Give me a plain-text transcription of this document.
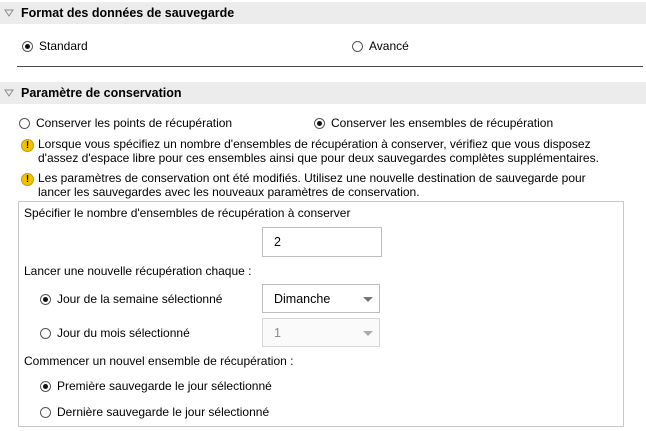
Format des données de sauvegarde
Standard	Avancé
Paramètre de conservation
Conserver les points de récupération	Conserver les ensembles de récupération
! Lorsque vous spécifiez un nombre d'ensembles de récupération à conserver, vérifiez que vous disposez
d'assez d'espace libre pour ces ensembles ainsi que pour deux sauvegardes complètes supplémentaires.
! Les paramètres de conservation ont été modifiés. Utilisez une nouvelle destination de sauvegarde pour
lancer les sauvegardes avec les nouveaux paramètres de conservation.
Spécifier le nombre d'ensembles de récupération à conserver
2
Lancer une nouvelle récupération chaque :
Jour de la semaine sélectionné	Dimanche
Jour du mois sélectionné	1
Commencer un nouvel ensemble de récupération :
Première sauvegarde le jour sélectionné
Dernière sauvegarde le jour sélectionné
